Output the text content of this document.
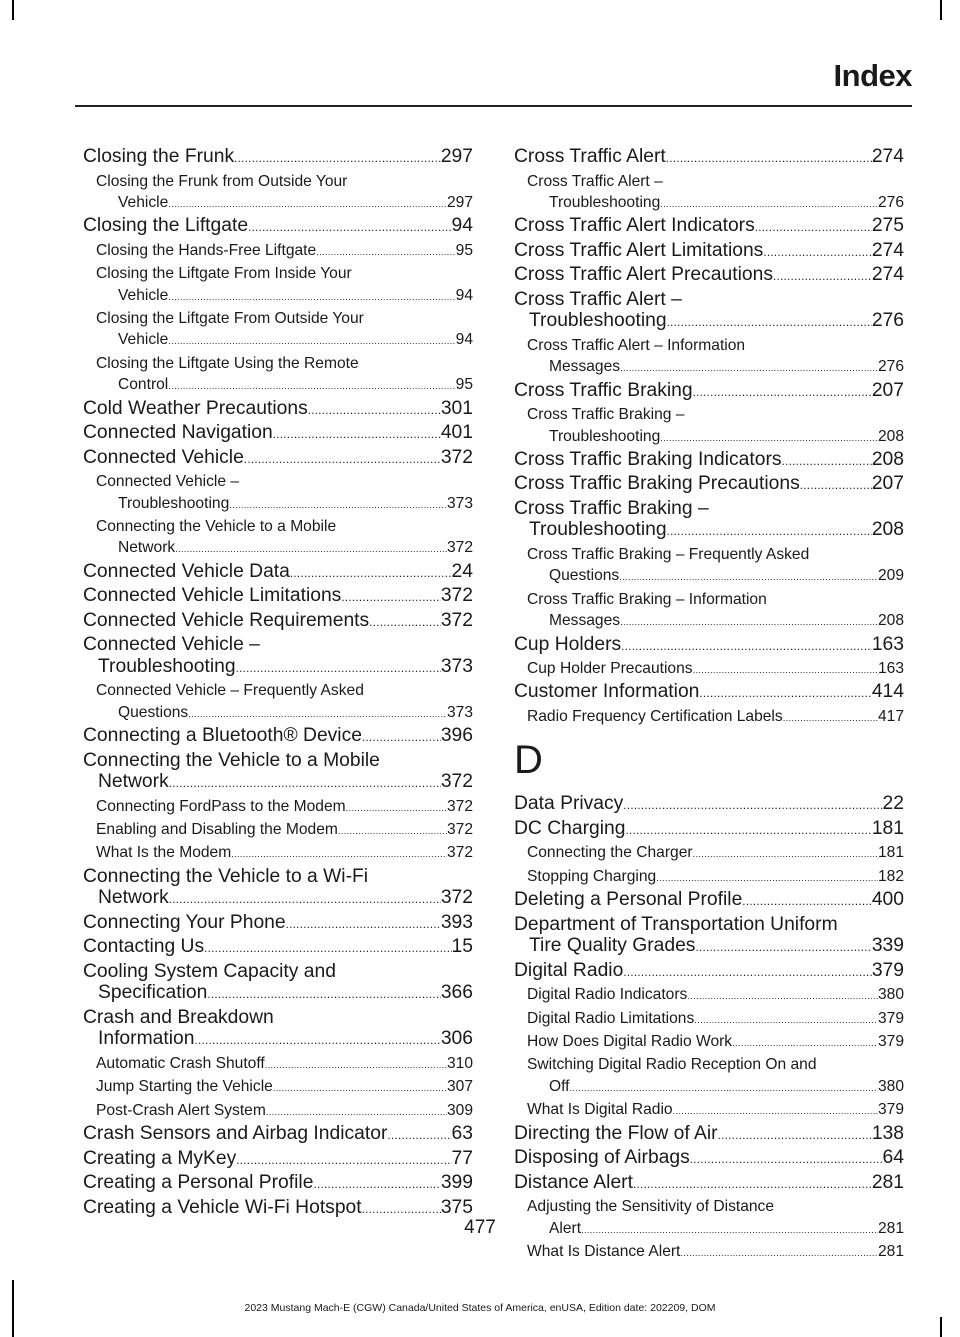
Index
Closing the Frunk .....	297
Closing the Frunk from Outside Your
Vehicle .....	297
Closing the Liftgate .....	94
Closing the Hands-Free Liftgate .....	95
Closing the Liftgate From Inside Your
Vehicle .....	94
Closing the Liftgate From Outside Your
Vehicle .....	94
Closing the Liftgate Using the Remote
Control .....	95
Cold Weather Precautions .....	301
Connected Navigation .....	401
Connected Vehicle .....	372
Connected Vehicle –
Troubleshooting .....	373
Connecting the Vehicle to a Mobile
Network .....	372
Connected Vehicle Data .....	24
Connected Vehicle Limitations .....	372
Connected Vehicle Requirements .....	372
Connected Vehicle –
Troubleshooting .....	373
Connected Vehicle – Frequently Asked
Questions .....	373
Connecting a Bluetooth® Device .....	396
Connecting the Vehicle to a Mobile
Network .....	372
Connecting FordPass to the Modem .....	372
Enabling and Disabling the Modem .....	372
What Is the Modem .....	372
Connecting the Vehicle to a Wi-Fi
Network .....	372
Connecting Your Phone .....	393
Contacting Us .....	15
Cooling System Capacity and
Specification .....	366
Crash and Breakdown
Information .....	306
Automatic Crash Shutoff .....	310
Jump Starting the Vehicle .....	307
Post-Crash Alert System .....	309
Crash Sensors and Airbag Indicator .....	63
Creating a MyKey .....	77
Creating a Personal Profile .....	399
Creating a Vehicle Wi-Fi Hotspot .....	375
Cross Traffic Alert .....	274
Cross Traffic Alert –
Troubleshooting .....	276
Cross Traffic Alert Indicators .....	275
Cross Traffic Alert Limitations .....	274
Cross Traffic Alert Precautions .....	274
Cross Traffic Alert –
Troubleshooting .....	276
Cross Traffic Alert – Information
Messages .....	276
Cross Traffic Braking .....	207
Cross Traffic Braking –
Troubleshooting .....	208
Cross Traffic Braking Indicators .....	208
Cross Traffic Braking Precautions .....	207
Cross Traffic Braking –
Troubleshooting .....	208
Cross Traffic Braking – Frequently Asked
Questions .....	209
Cross Traffic Braking – Information
Messages .....	208
Cup Holders .....	163
Cup Holder Precautions .....	163
Customer Information .....	414
Radio Frequency Certification Labels .....	417
D
Data Privacy .....	22
DC Charging .....	181
Connecting the Charger .....	181
Stopping Charging .....	182
Deleting a Personal Profile .....	400
Department of Transportation Uniform
Tire Quality Grades .....	339
Digital Radio .....	379
Digital Radio Indicators .....	380
Digital Radio Limitations .....	379
How Does Digital Radio Work .....	379
Switching Digital Radio Reception On and
Off .....	380
What Is Digital Radio .....	379
Directing the Flow of Air .....	138
Disposing of Airbags .....	64
Distance Alert .....	281
Adjusting the Sensitivity of Distance
Alert .....	281
What Is Distance Alert .....	281
477
2023 Mustang Mach-E (CGW) Canada/United States of America, enUSA, Edition date: 202209, DOM
